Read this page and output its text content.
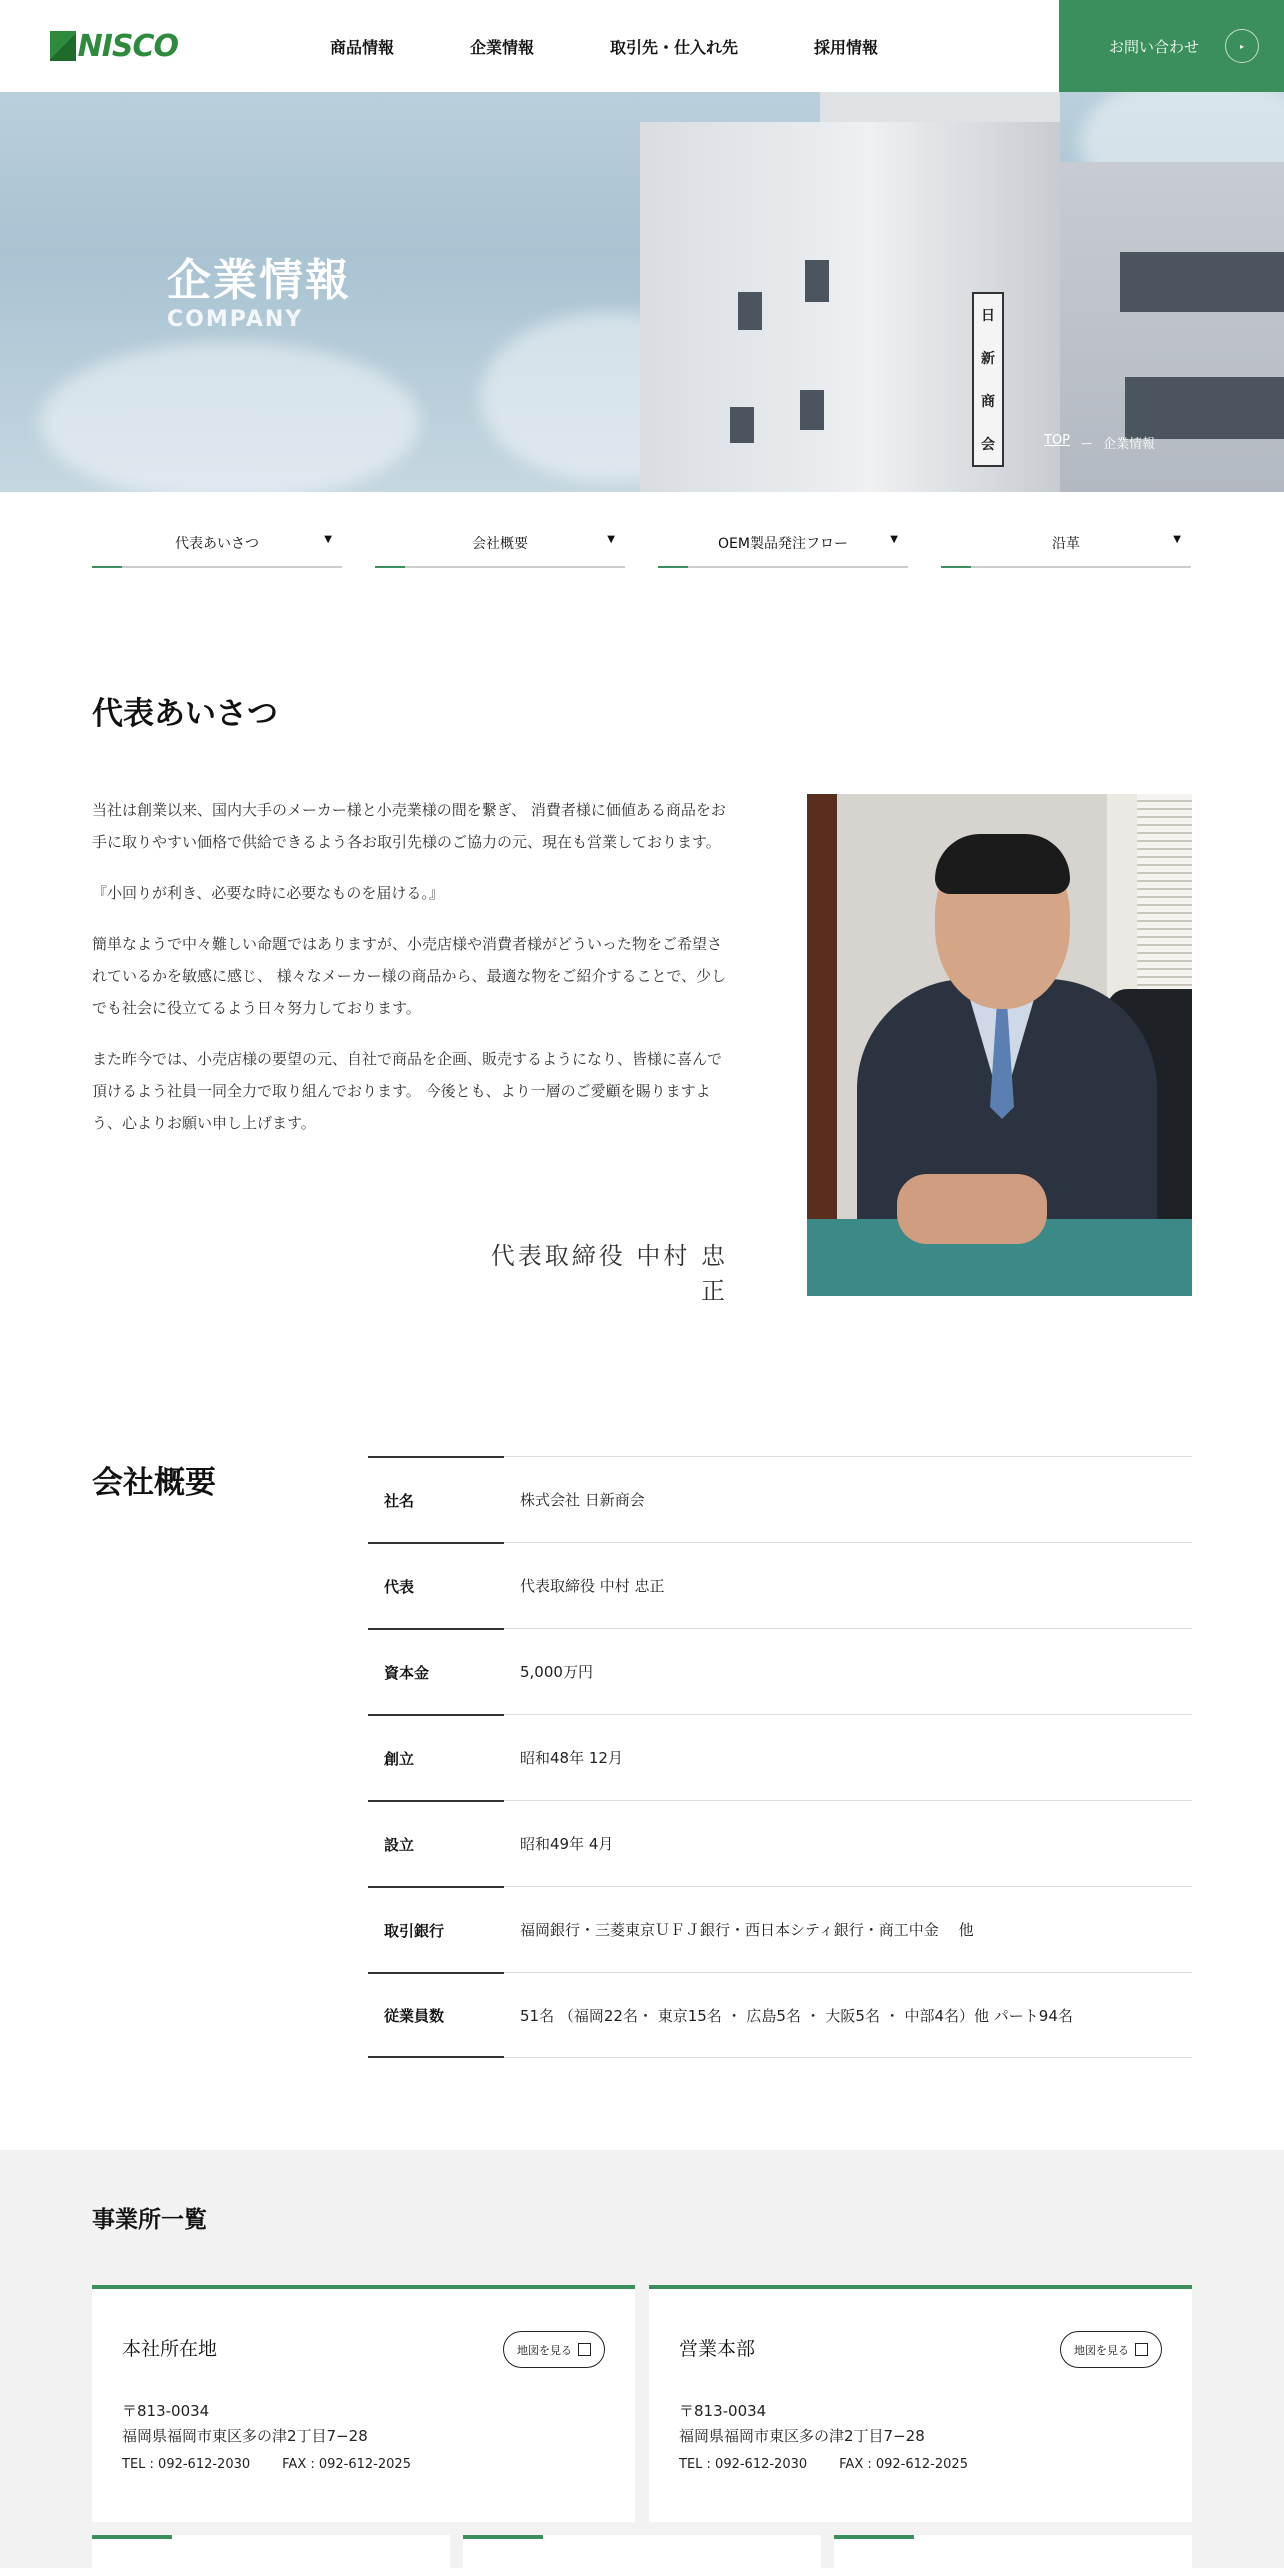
NISCO	商品情報	企業情報	取引先・仕入れ先	採用情報	お問い合わせ	▸
日
新
商
会
企業情報
COMPANY
TOP ー 企業情報
代表あいさつ	▼	会社概要	▼	OEM製品発注フロー	▼	沿革	▼
代表あいさつ

当社は創業以来、国内大手のメーカー様と小売業様の間を繋ぎ、 消費者様に価値ある商品をお手に取りやすい価格で供給できるよう各お取引先様のご協力の元、現在も営業しております。

『小回りが利き、必要な時に必要なものを届ける。』

簡単なようで中々難しい命題ではありますが、小売店様や消費者様がどういった物をご希望されているかを敏感に感じ、 様々なメーカー様の商品から、最適な物をご紹介することで、少しでも社会に役立てるよう日々努力しております。

また昨今では、小売店様の要望の元、自社で商品を企画、販売するようになり、皆様に喜んで頂けるよう社員一同全力で取り組んでおります。 今後とも、より一層のご愛顧を賜りますよう、心よりお願い申し上げます。

代表取締役 中村 忠正
会社概要	社名	株式会社 日新商会
代表	代表取締役 中村 忠正
資本金	5,000万円
創立	昭和48年 12月
設立	昭和49年 4月
取引銀行	福岡銀行・三菱東京ＵＦＪ銀行・西日本シティ銀行・商工中金　 他
従業員数	51名 （福岡22名・ 東京15名 ・ 広島5名 ・ 大阪5名 ・ 中部4名）他 パート94名
事業所一覧
本社所在地	地図を見る
〒813-0034
福岡県福岡市東区多の津2丁目7−28
TEL : 092-612-2030 FAX : 092-612-2025
営業本部	地図を見る
〒813-0034
福岡県福岡市東区多の津2丁目7−28
TEL : 092-612-2030 FAX : 092-612-2025
